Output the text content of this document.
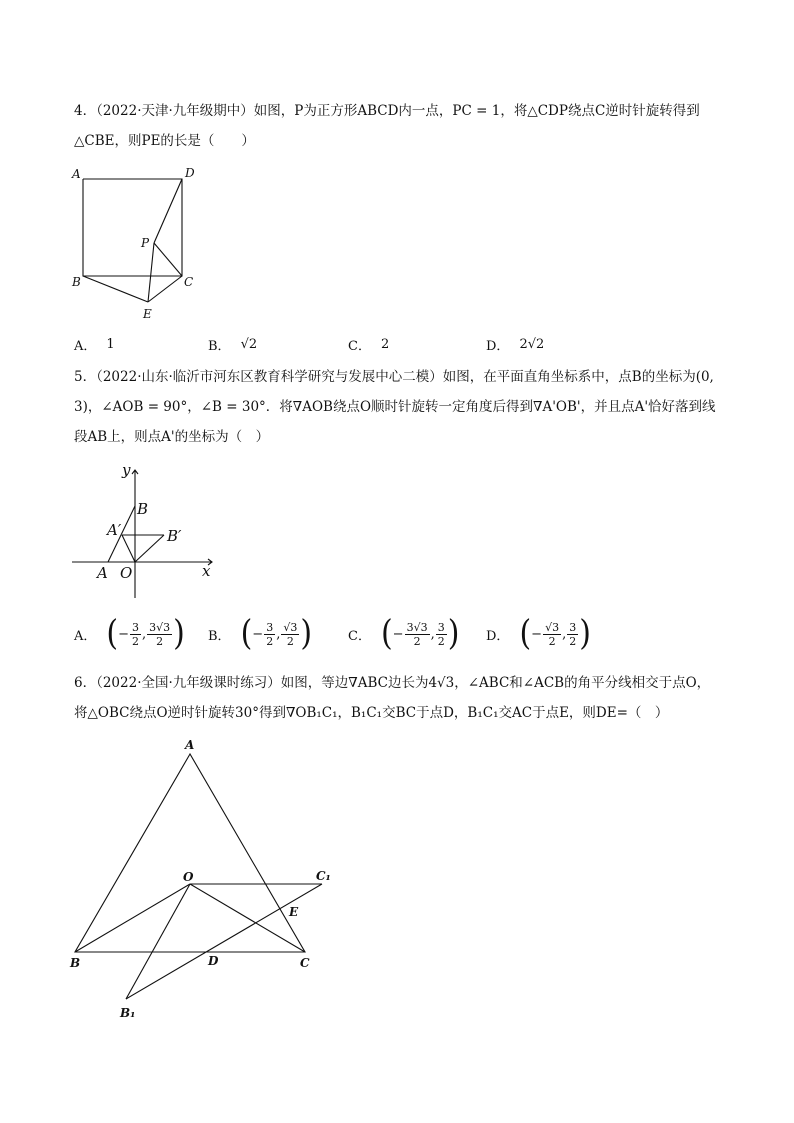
4．（2022·天津·九年级期中）如图，P为正方形ABCD内一点，PC = 1，将△CDP绕点C逆时针旋转得到
△CBE，则PE的长是（　　）

A	D
P
B	C
E
A． 1	B． √2	C． 2	D． 2√2

5．（2022·山东·临沂市河东区教育科学研究与发展中心二模）如图，在平面直角坐标系中，点B的坐标为(0,
3)，∠AOB = 90°，∠B = 30°．将∇AOB绕点O顺时针旋转一定角度后得到∇A'OB'，并且点A'恰好落到线
段AB上，则点A'的坐标为（　）

y
x
B
A′	B′
A O
A． ( − $\frac{3}{2}$ , $\frac{3√3}{2}$ ) B． ( − $\frac{3}{2}$ , $\frac{√3}{2}$ )	C． ( − $\frac{3√3}{2}$ , $\frac{3}{2}$ ) D． ( − $\frac{√3}{2}$ , $\frac{3}{2}$ )

6．（2022·全国·九年级课时练习）如图，等边∇ABC边长为4√3，∠ABC和∠ACB的角平分线相交于点O，
将△OBC绕点O逆时针旋转30°得到∇OB₁C₁，B₁C₁交BC于点D，B₁C₁交AC于点E，则DE=（　）

A
O	C₁
E
B	D	C
B₁
